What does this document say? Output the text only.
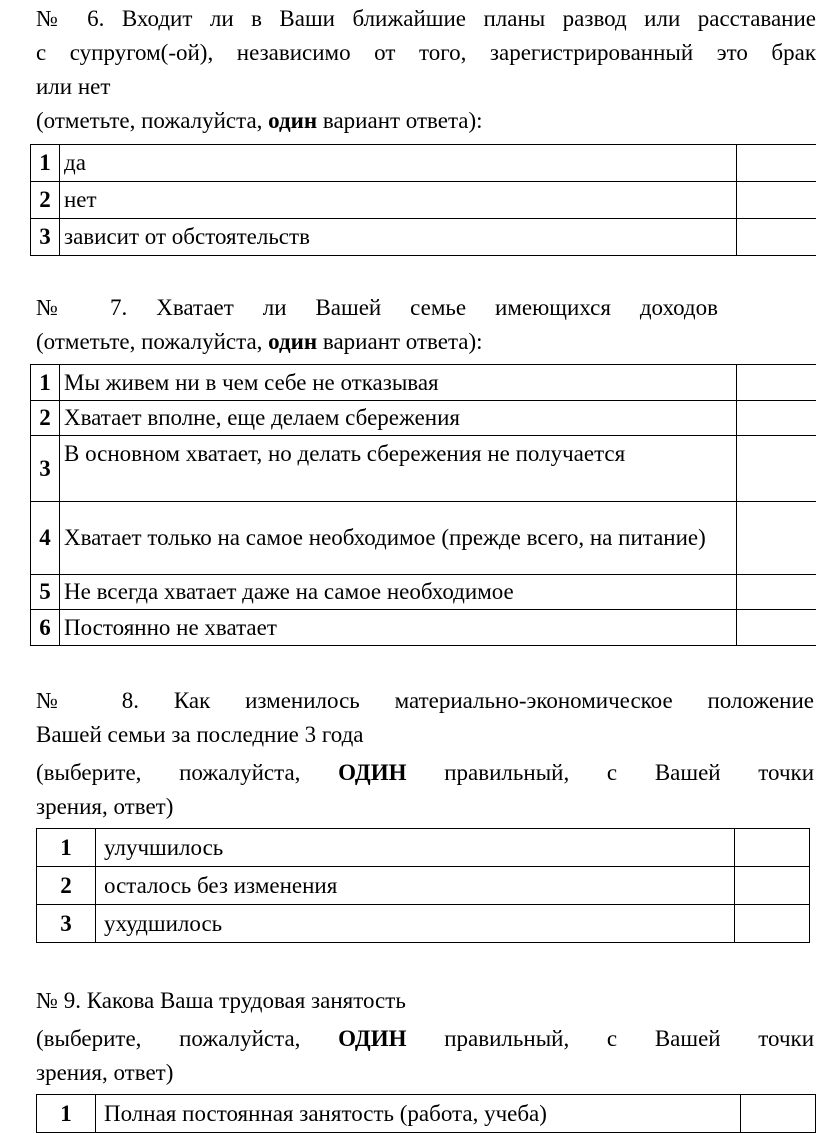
№ 6. Входит ли в Ваши ближайшие планы развод или расставание

с супругом(-ой), независимо от того, зарегистрированный это брак

или нет

(отметьте, пожалуйста, один вариант ответа):

1	да	
2	нет	
3	зависит от обстоятельств	

№ 7. Хватает ли Вашей семье имеющихся доходов

(отметьте, пожалуйста, один вариант ответа):

1	Мы живем ни в чем себе не отказывая	
2	Хватает вполне, еще делаем сбережения	
3	В основном хватает, но делать сбережения не получается	
4	Хватает только на самое необходимое (прежде всего, на питание)	
5	Не всегда хватает даже на самое необходимое	
6	Постоянно не хватает	

№ 8. Как изменилось материально-экономическое положение

Вашей семьи за последние 3 года

(выберите, пожалуйста, ОДИН правильный, с Вашей точки

зрения, ответ)

1	улучшилось	
2	осталось без изменения	
3	ухудшилось	

№ 9. Какова Ваша трудовая занятость

(выберите, пожалуйста, ОДИН правильный, с Вашей точки

зрения, ответ)

1	Полная постоянная занятость (работа, учеба)	
